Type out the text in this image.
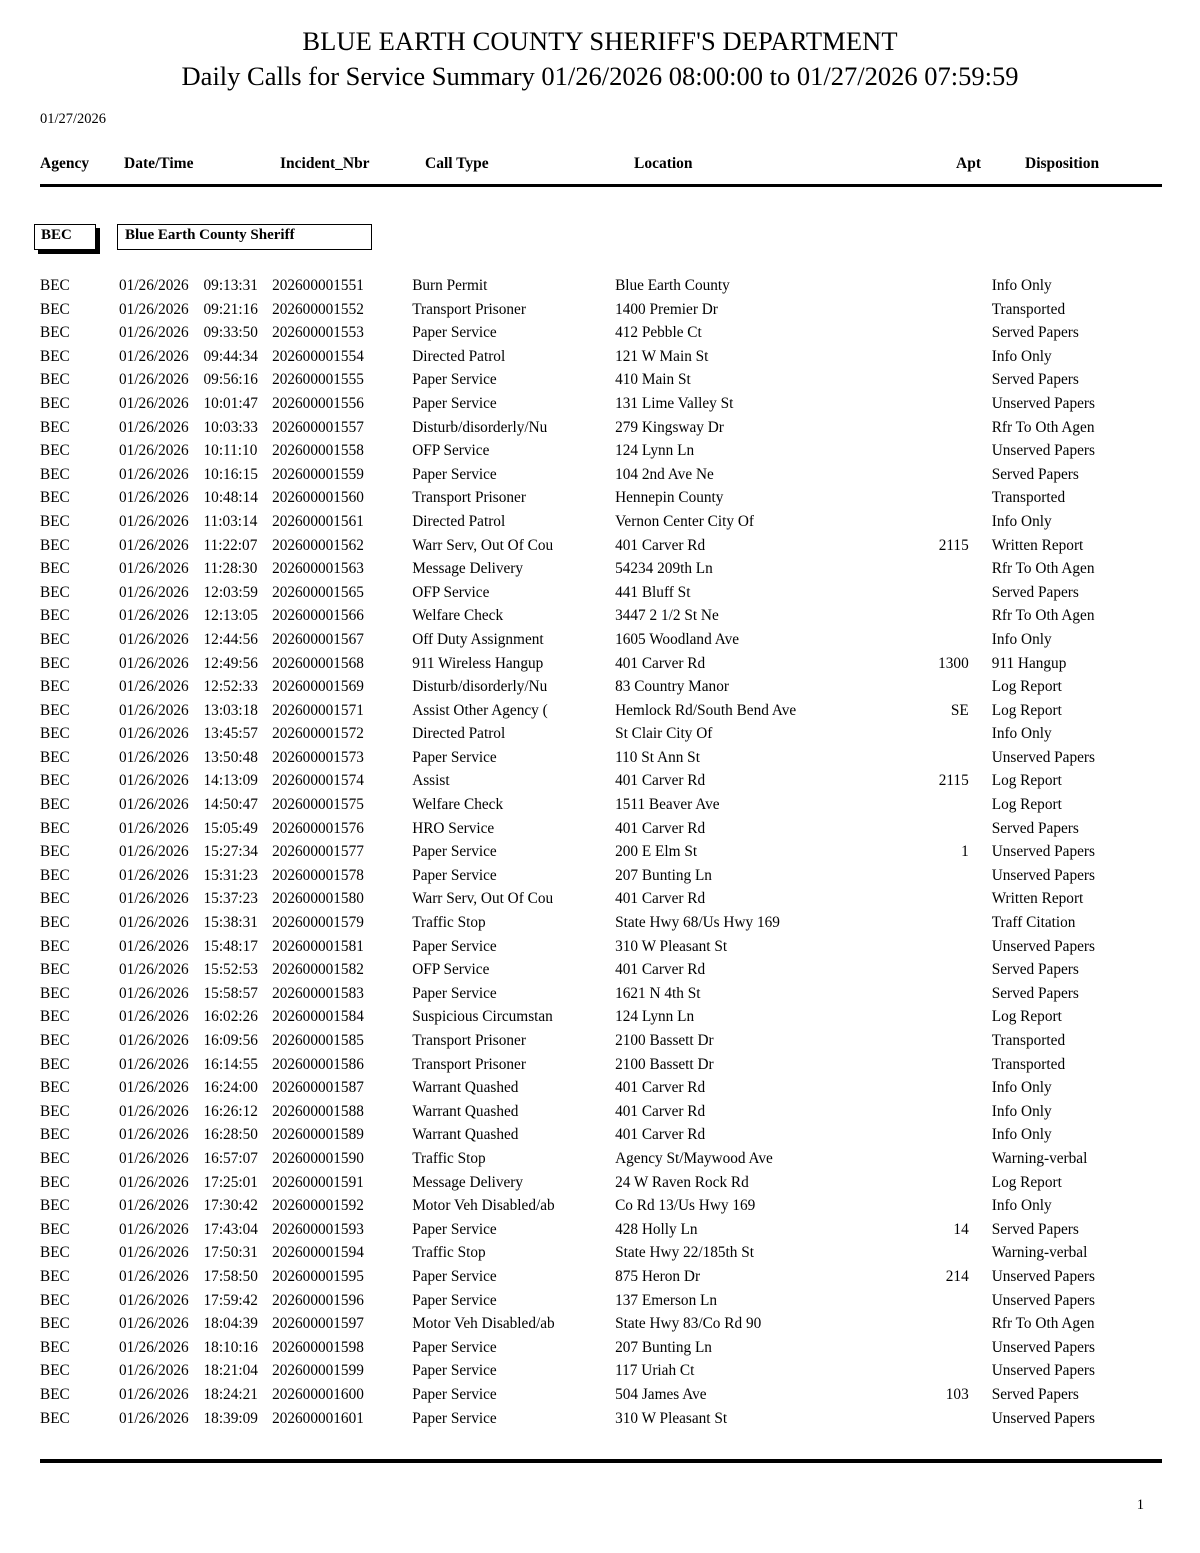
BLUE EARTH COUNTY SHERIFF'S DEPARTMENT
Daily Calls for Service Summary 01/26/2026 08:00:00 to 01/27/2026 07:59:59
01/27/2026
Agency Date/Time	Incident_Nbr	Call Type	Location	Apt	Disposition
BEC	Blue Earth County Sheriff
BEC	01/26/2026	09:13:31	202600001551	Burn Permit	Blue Earth County		Info Only
BEC	01/26/2026	09:21:16	202600001552	Transport Prisoner	1400 Premier Dr		Transported
BEC	01/26/2026	09:33:50	202600001553	Paper Service	412 Pebble Ct		Served Papers
BEC	01/26/2026	09:44:34	202600001554	Directed Patrol	121 W Main St		Info Only
BEC	01/26/2026	09:56:16	202600001555	Paper Service	410 Main St		Served Papers
BEC	01/26/2026	10:01:47	202600001556	Paper Service	131 Lime Valley St		Unserved Papers
BEC	01/26/2026	10:03:33	202600001557	Disturb/disorderly/Nu	279 Kingsway Dr		Rfr To Oth Agen
BEC	01/26/2026	10:11:10	202600001558	OFP Service	124 Lynn Ln		Unserved Papers
BEC	01/26/2026	10:16:15	202600001559	Paper Service	104 2nd Ave Ne		Served Papers
BEC	01/26/2026	10:48:14	202600001560	Transport Prisoner	Hennepin County		Transported
BEC	01/26/2026	11:03:14	202600001561	Directed Patrol	Vernon Center City Of		Info Only
BEC	01/26/2026	11:22:07	202600001562	Warr Serv, Out Of Cou	401 Carver Rd	2115	Written Report
BEC	01/26/2026	11:28:30	202600001563	Message Delivery	54234 209th Ln		Rfr To Oth Agen
BEC	01/26/2026	12:03:59	202600001565	OFP Service	441 Bluff St		Served Papers
BEC	01/26/2026	12:13:05	202600001566	Welfare Check	3447 2 1/2 St Ne		Rfr To Oth Agen
BEC	01/26/2026	12:44:56	202600001567	Off Duty Assignment	1605 Woodland Ave		Info Only
BEC	01/26/2026	12:49:56	202600001568	911 Wireless Hangup	401 Carver Rd	1300	911 Hangup
BEC	01/26/2026	12:52:33	202600001569	Disturb/disorderly/Nu	83 Country Manor		Log Report
BEC	01/26/2026	13:03:18	202600001571	Assist Other Agency (	Hemlock Rd/South Bend Ave	SE	Log Report
BEC	01/26/2026	13:45:57	202600001572	Directed Patrol	St Clair City Of		Info Only
BEC	01/26/2026	13:50:48	202600001573	Paper Service	110 St Ann St		Unserved Papers
BEC	01/26/2026	14:13:09	202600001574	Assist	401 Carver Rd	2115	Log Report
BEC	01/26/2026	14:50:47	202600001575	Welfare Check	1511 Beaver Ave		Log Report
BEC	01/26/2026	15:05:49	202600001576	HRO Service	401 Carver Rd		Served Papers
BEC	01/26/2026	15:27:34	202600001577	Paper Service	200 E Elm St	1	Unserved Papers
BEC	01/26/2026	15:31:23	202600001578	Paper Service	207 Bunting Ln		Unserved Papers
BEC	01/26/2026	15:37:23	202600001580	Warr Serv, Out Of Cou	401 Carver Rd		Written Report
BEC	01/26/2026	15:38:31	202600001579	Traffic Stop	State Hwy 68/Us Hwy 169		Traff Citation
BEC	01/26/2026	15:48:17	202600001581	Paper Service	310 W Pleasant St		Unserved Papers
BEC	01/26/2026	15:52:53	202600001582	OFP Service	401 Carver Rd		Served Papers
BEC	01/26/2026	15:58:57	202600001583	Paper Service	1621 N 4th St		Served Papers
BEC	01/26/2026	16:02:26	202600001584	Suspicious Circumstan	124 Lynn Ln		Log Report
BEC	01/26/2026	16:09:56	202600001585	Transport Prisoner	2100 Bassett Dr		Transported
BEC	01/26/2026	16:14:55	202600001586	Transport Prisoner	2100 Bassett Dr		Transported
BEC	01/26/2026	16:24:00	202600001587	Warrant Quashed	401 Carver Rd		Info Only
BEC	01/26/2026	16:26:12	202600001588	Warrant Quashed	401 Carver Rd		Info Only
BEC	01/26/2026	16:28:50	202600001589	Warrant Quashed	401 Carver Rd		Info Only
BEC	01/26/2026	16:57:07	202600001590	Traffic Stop	Agency St/Maywood Ave		Warning-verbal
BEC	01/26/2026	17:25:01	202600001591	Message Delivery	24 W Raven Rock Rd		Log Report
BEC	01/26/2026	17:30:42	202600001592	Motor Veh Disabled/ab	Co Rd 13/Us Hwy 169		Info Only
BEC	01/26/2026	17:43:04	202600001593	Paper Service	428 Holly Ln	14	Served Papers
BEC	01/26/2026	17:50:31	202600001594	Traffic Stop	State Hwy 22/185th St		Warning-verbal
BEC	01/26/2026	17:58:50	202600001595	Paper Service	875 Heron Dr	214	Unserved Papers
BEC	01/26/2026	17:59:42	202600001596	Paper Service	137 Emerson Ln		Unserved Papers
BEC	01/26/2026	18:04:39	202600001597	Motor Veh Disabled/ab	State Hwy 83/Co Rd 90		Rfr To Oth Agen
BEC	01/26/2026	18:10:16	202600001598	Paper Service	207 Bunting Ln		Unserved Papers
BEC	01/26/2026	18:21:04	202600001599	Paper Service	117 Uriah Ct		Unserved Papers
BEC	01/26/2026	18:24:21	202600001600	Paper Service	504 James Ave	103	Served Papers
BEC	01/26/2026	18:39:09	202600001601	Paper Service	310 W Pleasant St		Unserved Papers
1
